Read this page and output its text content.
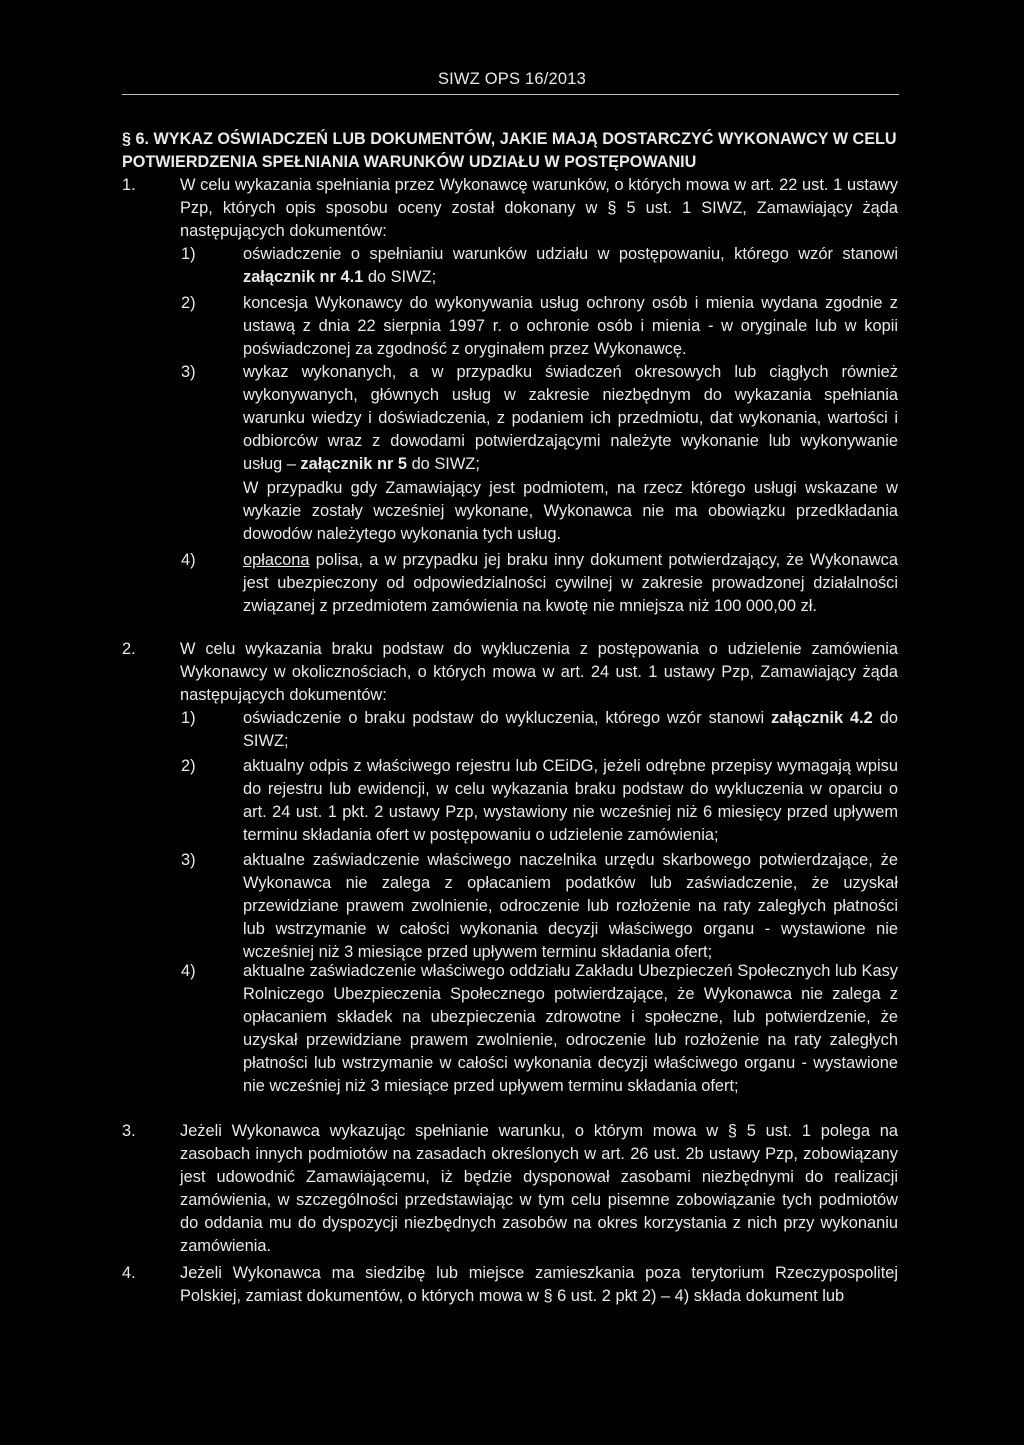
SIWZ OPS 16/2013
§ 6. WYKAZ OŚWIADCZEŃ LUB DOKUMENTÓW, JAKIE MAJĄ DOSTARCZYĆ WYKONAWCY W CELU POTWIERDZENIA SPEŁNIANIA WARUNKÓW UDZIAŁU W POSTĘPOWANIU
1.	W celu wykazania spełniania przez Wykonawcę warunków, o których mowa w art. 22 ust. 1 ustawy Pzp, których opis sposobu oceny został dokonany w § 5 ust. 1 SIWZ, Zamawiający żąda następujących dokumentów:

1)	oświadczenie o spełnianiu warunków udziału w postępowaniu, którego wzór stanowi załącznik nr 4.1 do SIWZ;

2)	koncesja Wykonawcy do wykonywania usług ochrony osób i mienia wydana zgodnie z ustawą z dnia 22 sierpnia 1997 r. o ochronie osób i mienia - w oryginale lub w kopii poświadczonej za zgodność z oryginałem przez Wykonawcę.

3)	wykaz wykonanych, a w przypadku świadczeń okresowych lub ciągłych również wykonywanych, głównych usług w zakresie niezbędnym do wykazania spełniania warunku wiedzy i doświadczenia, z podaniem ich przedmiotu, dat wykonania, wartości i odbiorców wraz z dowodami potwierdzającymi należyte wykonanie lub wykonywanie usług – załącznik nr 5 do SIWZ;

W przypadku gdy Zamawiający jest podmiotem, na rzecz którego usługi wskazane w wykazie zostały wcześniej wykonane, Wykonawca nie ma obowiązku przedkładania dowodów należytego wykonania tych usług.

4)	opłacona polisa, a w przypadku jej braku inny dokument potwierdzający, że Wykonawca jest ubezpieczony od odpowiedzialności cywilnej w zakresie prowadzonej działalności związanej z przedmiotem zamówienia na kwotę nie mniejsza niż 100 000,00 zł.

2.	W celu wykazania braku podstaw do wykluczenia z postępowania o udzielenie zamówienia Wykonawcy w okolicznościach, o których mowa w art. 24 ust. 1 ustawy Pzp, Zamawiający żąda następujących dokumentów:

1)	oświadczenie o braku podstaw do wykluczenia, którego wzór stanowi załącznik 4.2 do SIWZ;

2)	aktualny odpis z właściwego rejestru lub CEiDG, jeżeli odrębne przepisy wymagają wpisu do rejestru lub ewidencji, w celu wykazania braku podstaw do wykluczenia w oparciu o art. 24 ust. 1 pkt. 2 ustawy Pzp, wystawiony nie wcześniej niż 6 miesięcy przed upływem terminu składania ofert w postępowaniu o udzielenie zamówienia;

3)	aktualne zaświadczenie właściwego naczelnika urzędu skarbowego potwierdzające, że Wykonawca nie zalega z opłacaniem podatków lub zaświadczenie, że uzyskał przewidziane prawem zwolnienie, odroczenie lub rozłożenie na raty zaległych płatności lub wstrzymanie w całości wykonania decyzji właściwego organu - wystawione nie wcześniej niż 3 miesiące przed upływem terminu składania ofert;

4)	aktualne zaświadczenie właściwego oddziału Zakładu Ubezpieczeń Społecznych lub Kasy Rolniczego Ubezpieczenia Społecznego potwierdzające, że Wykonawca nie zalega z opłacaniem składek na ubezpieczenia zdrowotne i społeczne, lub potwierdzenie, że uzyskał przewidziane prawem zwolnienie, odroczenie lub rozłożenie na raty zaległych płatności lub wstrzymanie w całości wykonania decyzji właściwego organu - wystawione nie wcześniej niż 3 miesiące przed upływem terminu składania ofert;

3.	Jeżeli Wykonawca wykazując spełnianie warunku, o którym mowa w § 5 ust. 1 polega na zasobach innych podmiotów na zasadach określonych w art. 26 ust. 2b ustawy Pzp, zobowiązany jest udowodnić Zamawiającemu, iż będzie dysponował zasobami niezbędnymi do realizacji zamówienia, w szczególności przedstawiając w tym celu pisemne zobowiązanie tych podmiotów do oddania mu do dyspozycji niezbędnych zasobów na okres korzystania z nich przy wykonaniu zamówienia.

4.	Jeżeli Wykonawca ma siedzibę lub miejsce zamieszkania poza terytorium Rzeczypospolitej Polskiej, zamiast dokumentów, o których mowa w § 6 ust. 2 pkt 2) – 4) składa dokument lub
